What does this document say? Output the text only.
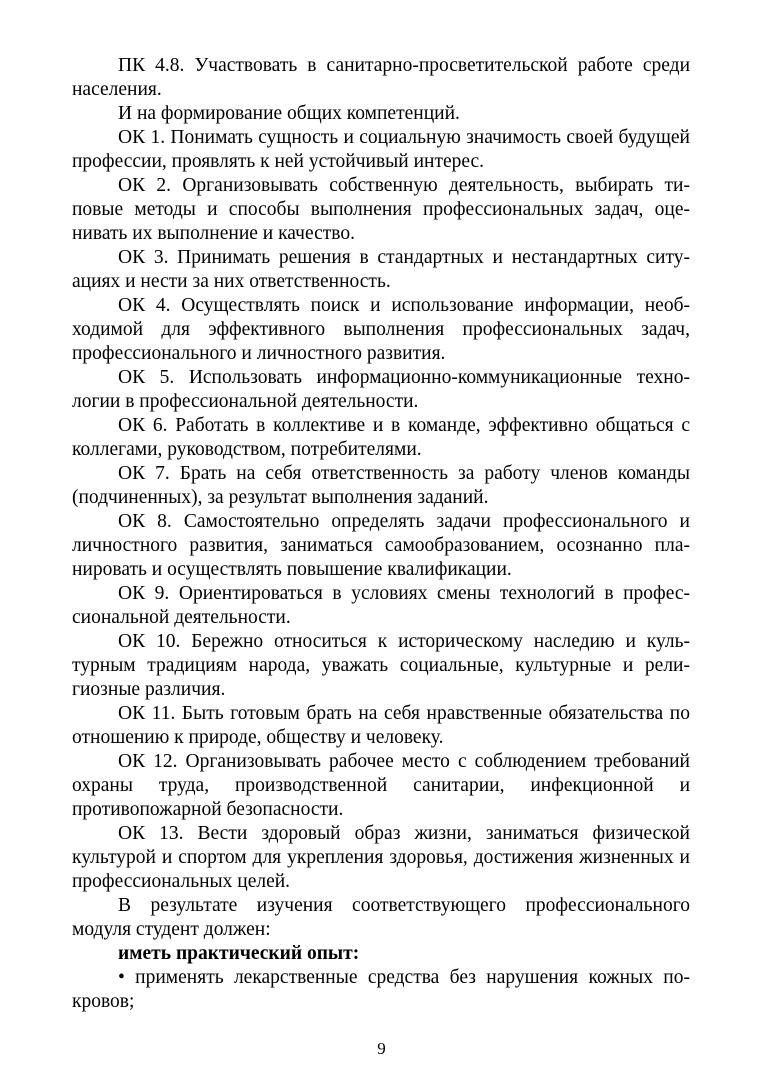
ПК 4.8. Участвовать в санитарно-просветительской работе среди населения.

И на формирование общих компетенций.

ОК 1. Понимать сущность и социальную значимость своей будущей профессии, проявлять к ней устойчивый интерес.

ОК 2. Организовывать собственную деятельность, выбирать типовые методы и способы выполнения профессиональных задач, оценивать их выполнение и качество.

ОК 3. Принимать решения в стандартных и нестандартных ситуациях и нести за них ответственность.

ОК 4. Осуществлять поиск и использование информации, необходимой для эффективного выполнения профессиональных задач, профессионального и личностного развития.

ОК 5. Использовать информационно-коммуникационные технологии в профессиональной деятельности.

ОК 6. Работать в коллективе и в команде, эффективно общаться с коллегами, руководством, потребителями.

ОК 7. Брать на себя ответственность за работу членов команды (подчиненных), за результат выполнения заданий.

ОК 8. Самостоятельно определять задачи профессионального и личностного развития, заниматься самообразованием, осознанно планировать и осуществлять повышение квалификации.

ОК 9. Ориентироваться в условиях смены технологий в профессиональной деятельности.

ОК 10. Бережно относиться к историческому наследию и культурным традициям народа, уважать социальные, культурные и религиозные различия.

ОК 11. Быть готовым брать на себя нравственные обязательства по отношению к природе, обществу и человеку.

ОК 12. Организовывать рабочее место с соблюдением требований охраны труда, производственной санитарии, инфекционной и противопожарной безопасности.

ОК 13. Вести здоровый образ жизни, заниматься физической культурой и спортом для укрепления здоровья, достижения жизненных и профессиональных целей.

В результате изучения соответствующего профессионального модуля студент должен:

иметь практический опыт:

• применять лекарственные средства без нарушения кожных покровов;

9
